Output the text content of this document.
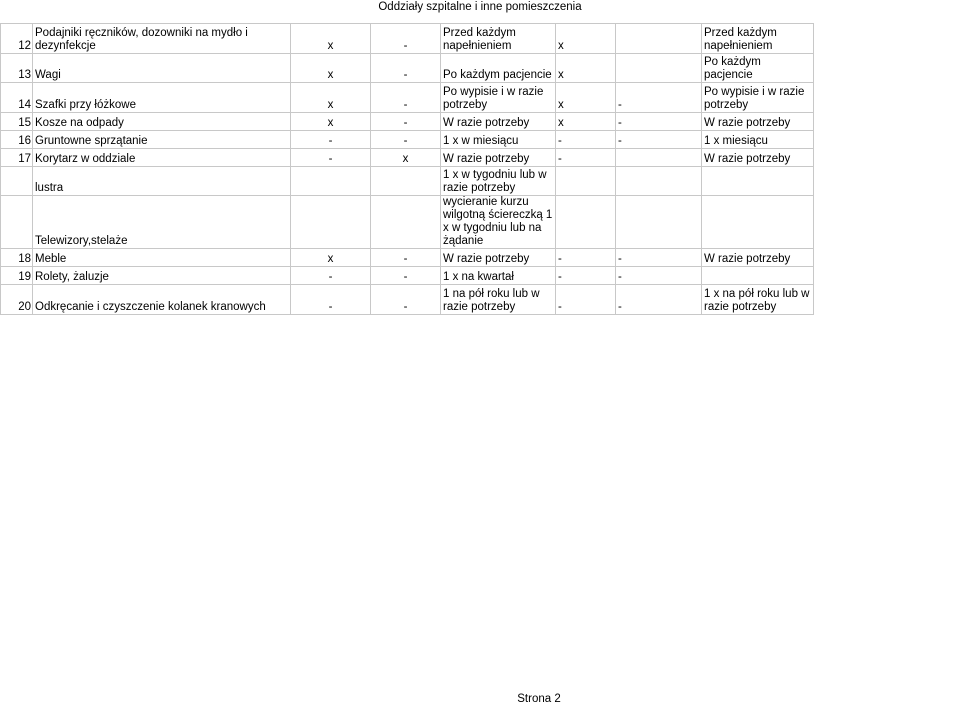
Oddziały szpitalne i inne pomieszczenia
12	Podajniki ręczników, dozowniki na mydło i dezynfekcje	x	-	Przed każdym napełnieniem	x		Przed każdym napełnieniem
13	Wagi	x	-	Po każdym pacjencie	x		Po każdym pacjencie
14	Szafki przy łóżkowe	x	-	Po wypisie i w razie potrzeby	x	-	Po wypisie i w razie potrzeby
15	Kosze na odpady	x	-	W razie potrzeby	x	-	W razie potrzeby
16	Gruntowne sprzątanie	-	-	1 x w miesiącu	-	-	1 x miesiącu
17	Korytarz w oddziale	-	x	W razie potrzeby	-		W razie potrzeby
	lustra			1 x w tygodniu lub w razie potrzeby			
	Telewizory,stelaże			wycieranie kurzu wilgotną ściereczką 1 x w tygodniu lub na żądanie			
18	Meble	x	-	W razie potrzeby	-	-	W razie potrzeby
19	Rolety, żaluzje	-	-	1 x na kwartał	-	-	
20	Odkręcanie i czyszczenie kolanek kranowych	-	-	1 na pół roku lub w razie potrzeby	-	-	1 x na pół roku lub w razie potrzeby
Strona 2
